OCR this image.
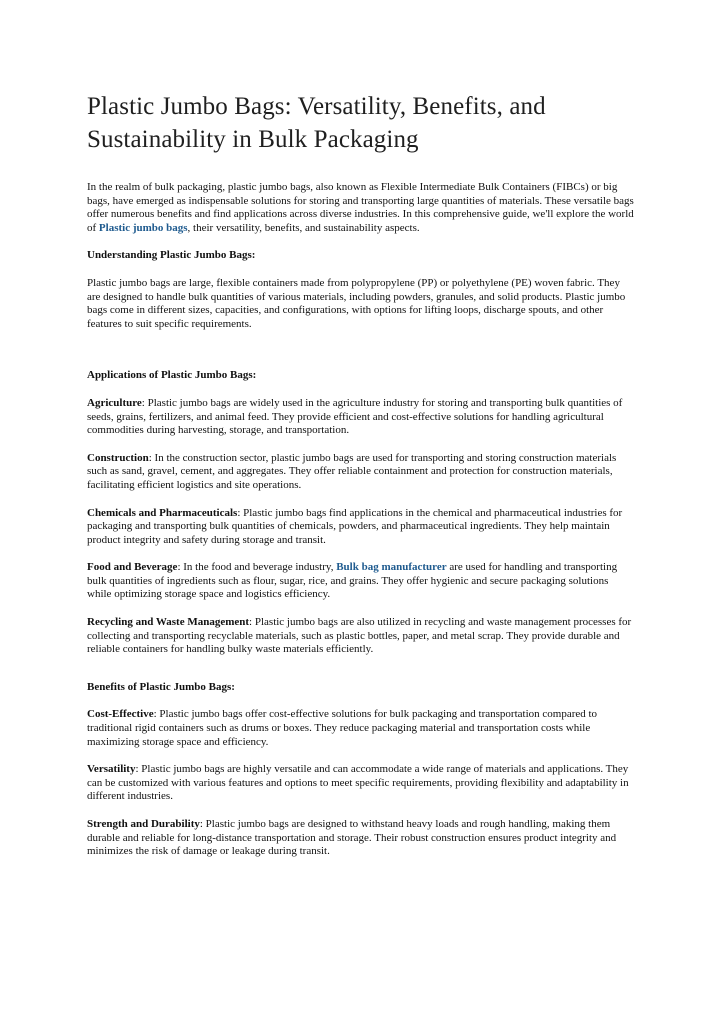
Plastic Jumbo Bags: Versatility, Benefits, and Sustainability in Bulk Packaging

In the realm of bulk packaging, plastic jumbo bags, also known as Flexible Intermediate Bulk Containers (FIBCs) or big bags, have emerged as indispensable solutions for storing and transporting large quantities of materials. These versatile bags offer numerous benefits and find applications across diverse industries. In this comprehensive guide, we'll explore the world of Plastic jumbo bags, their versatility, benefits, and sustainability aspects.

Understanding Plastic Jumbo Bags:

Plastic jumbo bags are large, flexible containers made from polypropylene (PP) or polyethylene (PE) woven fabric. They are designed to handle bulk quantities of various materials, including powders, granules, and solid products. Plastic jumbo bags come in different sizes, capacities, and configurations, with options for lifting loops, discharge spouts, and other features to suit specific requirements.

Applications of Plastic Jumbo Bags:

Agriculture: Plastic jumbo bags are widely used in the agriculture industry for storing and transporting bulk quantities of seeds, grains, fertilizers, and animal feed. They provide efficient and cost-effective solutions for handling agricultural commodities during harvesting, storage, and transportation.

Construction: In the construction sector, plastic jumbo bags are used for transporting and storing construction materials such as sand, gravel, cement, and aggregates. They offer reliable containment and protection for construction materials, facilitating efficient logistics and site operations.

Chemicals and Pharmaceuticals: Plastic jumbo bags find applications in the chemical and pharmaceutical industries for packaging and transporting bulk quantities of chemicals, powders, and pharmaceutical ingredients. They help maintain product integrity and safety during storage and transit.

Food and Beverage: In the food and beverage industry, Bulk bag manufacturer are used for handling and transporting bulk quantities of ingredients such as flour, sugar, rice, and grains. They offer hygienic and secure packaging solutions while optimizing storage space and logistics efficiency.

Recycling and Waste Management: Plastic jumbo bags are also utilized in recycling and waste management processes for collecting and transporting recyclable materials, such as plastic bottles, paper, and metal scrap. They provide durable and reliable containers for handling bulky waste materials efficiently.

Benefits of Plastic Jumbo Bags:

Cost-Effective: Plastic jumbo bags offer cost-effective solutions for bulk packaging and transportation compared to traditional rigid containers such as drums or boxes. They reduce packaging material and transportation costs while maximizing storage space and efficiency.

Versatility: Plastic jumbo bags are highly versatile and can accommodate a wide range of materials and applications. They can be customized with various features and options to meet specific requirements, providing flexibility and adaptability in different industries.

Strength and Durability: Plastic jumbo bags are designed to withstand heavy loads and rough handling, making them durable and reliable for long-distance transportation and storage. Their robust construction ensures product integrity and minimizes the risk of damage or leakage during transit.
